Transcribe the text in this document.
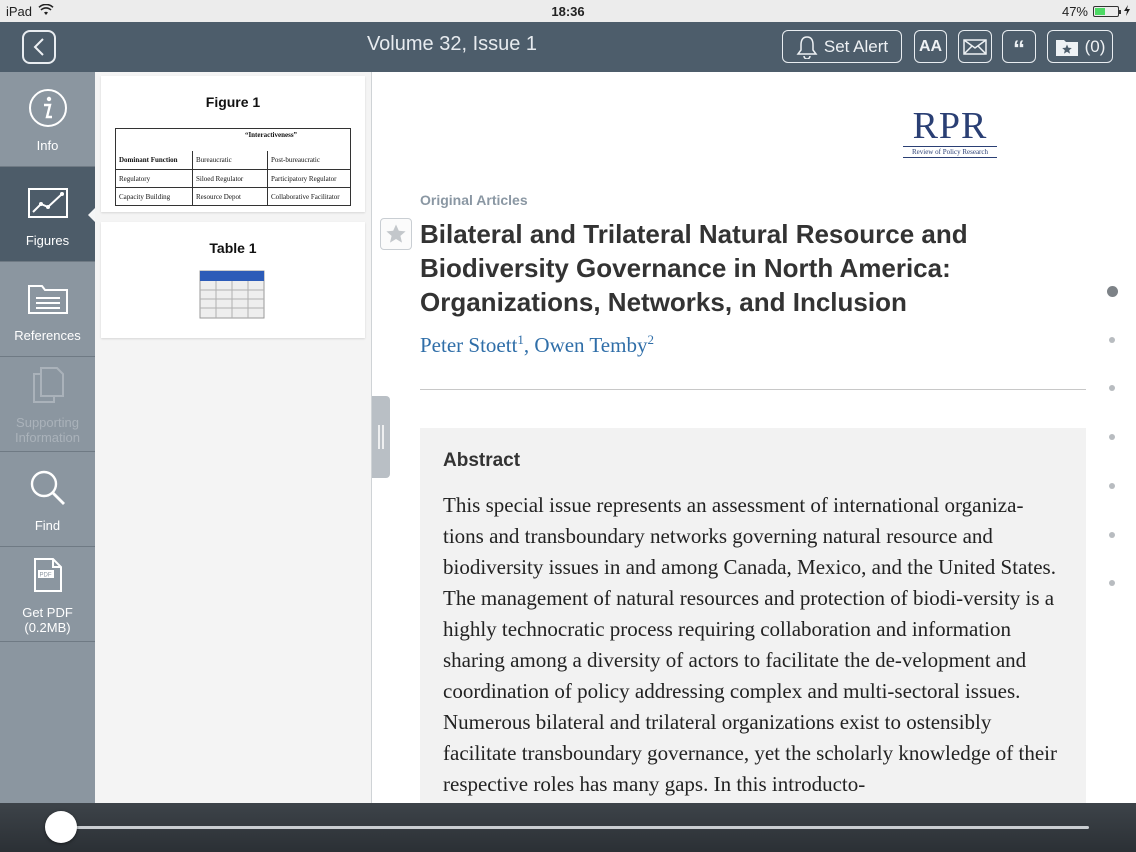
iPad	18:36	47%
Volume 32, Issue 1	Set Alert AA	“	(0)
Info
Figures
References
Supporting Information
Find
PDF
Get PDF (0.2MB)
Figure 1
“Interactiveness”
Dominant Function	Bureaucratic	Post-bureaucratic
Regulatory	Siloed Regulator	Participatory Regulator
Capacity Building	Resource Depot	Collaborative Facilitator
Table 1
RPR
Review of Policy Research
Original Articles
Bilateral and Trilateral Natural Resource and Biodiversity Governance in North America: Organizations, Networks, and Inclusion
Peter Stoett$^1$, Owen Temby$^2$
Abstract
This special issue represents an assessment of international organiza-tions and transboundary networks governing natural resource and biodiversity issues in and among Canada, Mexico, and the United States. The management of natural resources and protection of biodi-versity is a highly technocratic process requiring collaboration and information sharing among a diversity of actors to facilitate the de-velopment and coordination of policy addressing complex and multi-sectoral issues. Numerous bilateral and trilateral organizations exist to ostensibly facilitate transboundary governance, yet the scholarly knowledge of their respective roles has many gaps. In this introducto-
